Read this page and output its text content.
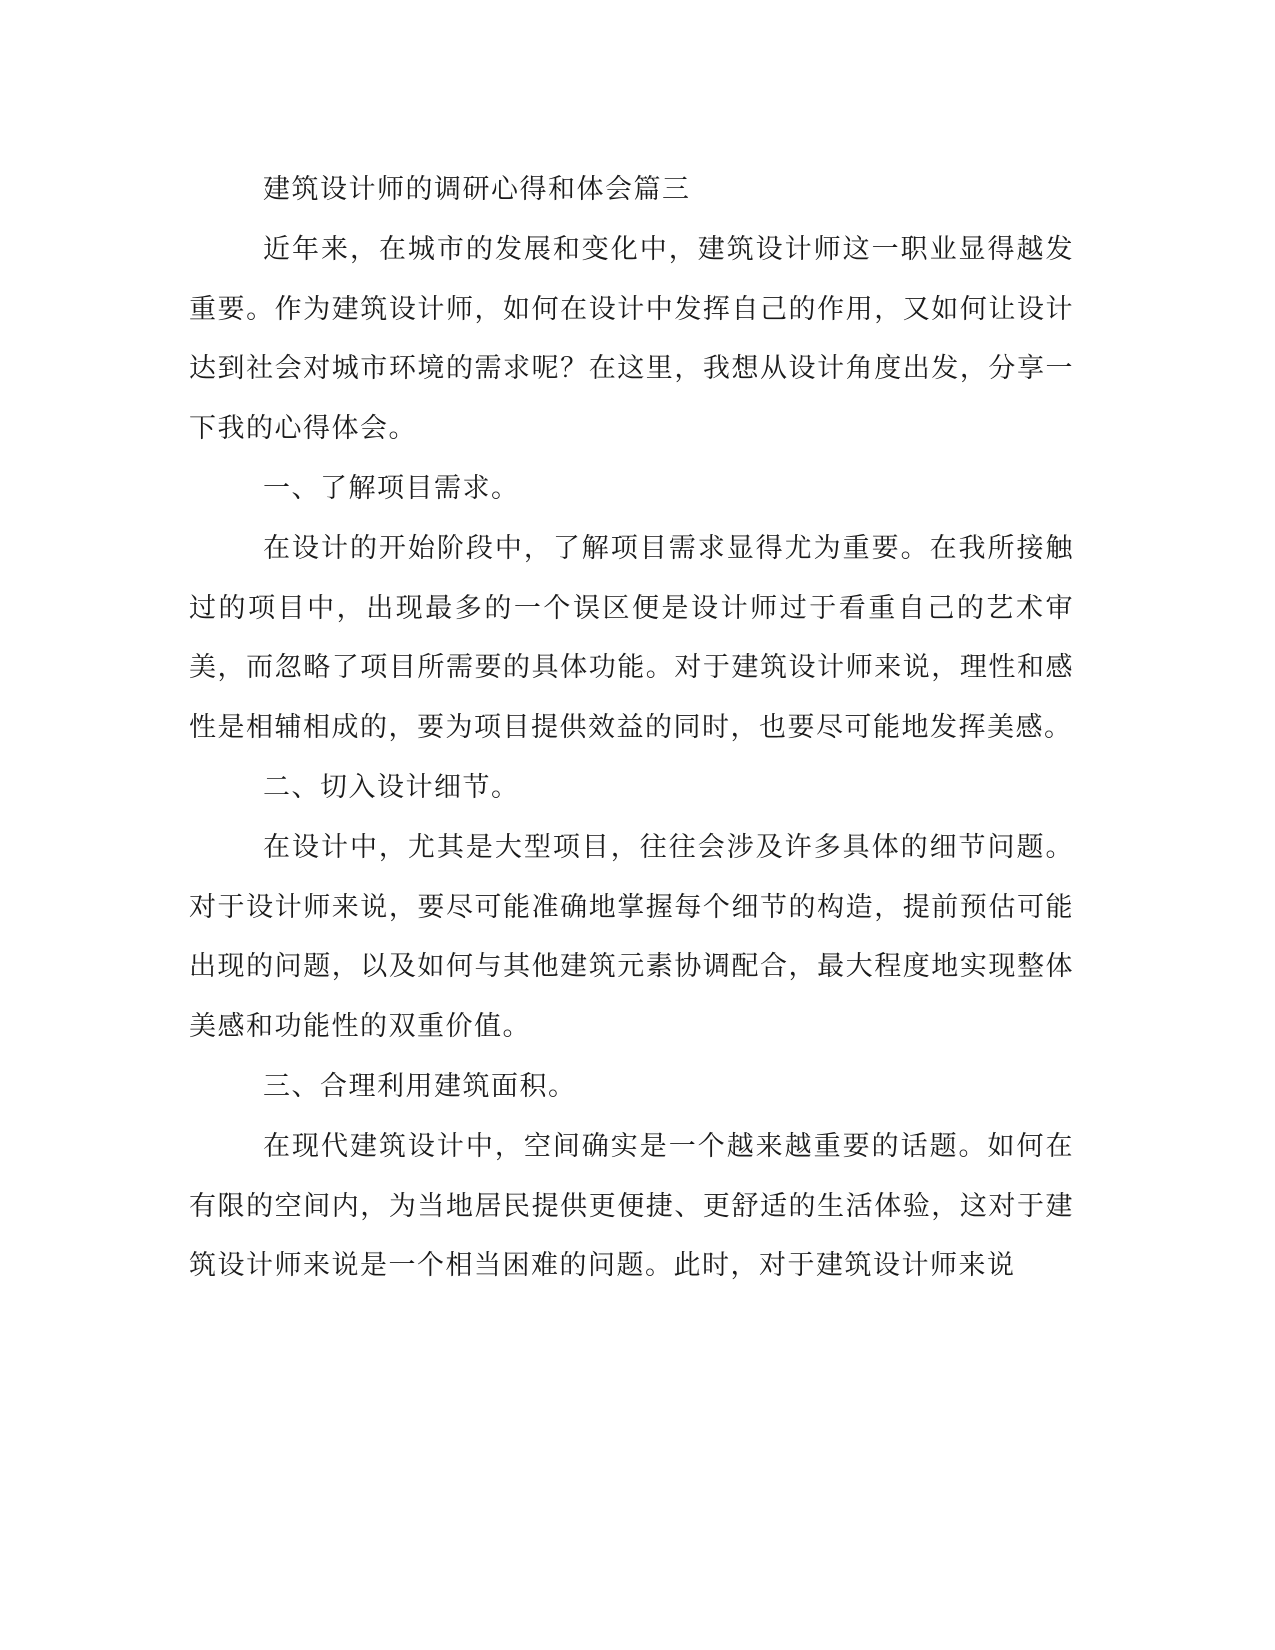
建筑设计师的调研心得和体会篇三

近年来，在城市的发展和变化中，建筑设计师这一职业显得越发重要。作为建筑设计师，如何在设计中发挥自己的作用，又如何让设计达到社会对城市环境的需求呢？在这里，我想从设计角度出发，分享一下我的心得体会。

一、了解项目需求。

在设计的开始阶段中，了解项目需求显得尤为重要。在我所接触过的项目中，出现最多的一个误区便是设计师过于看重自己的艺术审美，而忽略了项目所需要的具体功能。对于建筑设计师来说，理性和感性是相辅相成的，要为项目提供效益的同时，也要尽可能地发挥美感。

二、切入设计细节。

在设计中，尤其是大型项目，往往会涉及许多具体的细节问题。对于设计师来说，要尽可能准确地掌握每个细节的构造，提前预估可能出现的问题，以及如何与其他建筑元素协调配合，最大程度地实现整体美感和功能性的双重价值。

三、合理利用建筑面积。

在现代建筑设计中，空间确实是一个越来越重要的话题。如何在有限的空间内，为当地居民提供更便捷、更舒适的生活体验，这对于建筑设计师来说是一个相当困难的问题。此时，对于建筑设计师来说
